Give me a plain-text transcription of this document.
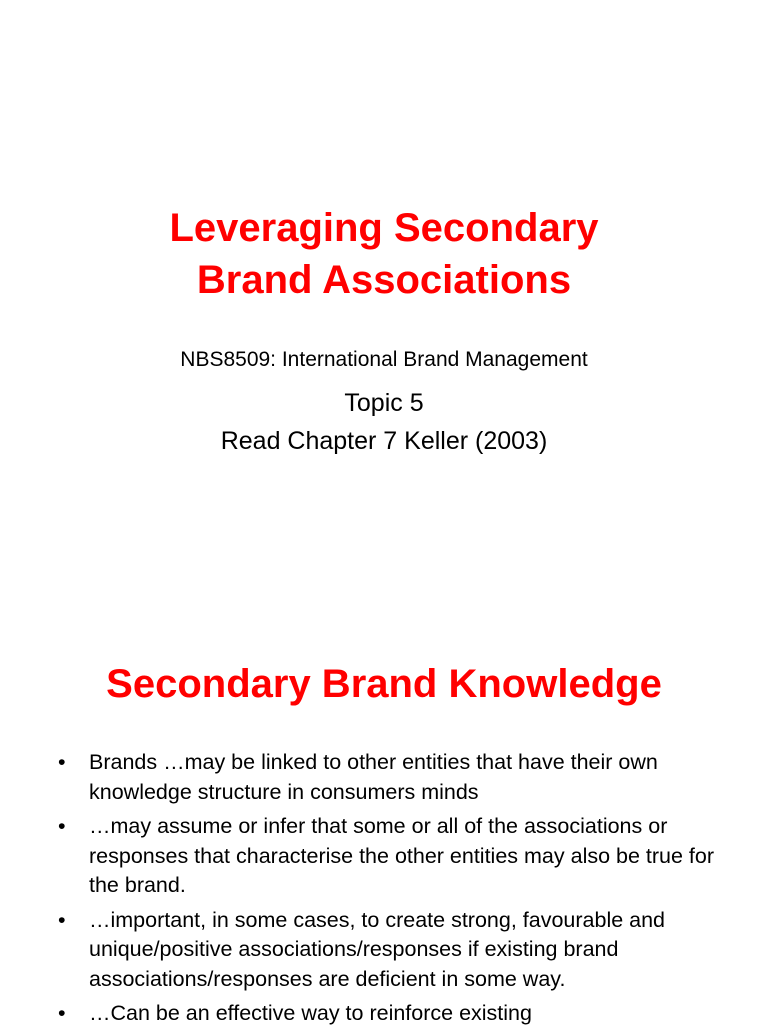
Leveraging Secondary
Brand Associations
NBS8509: International Brand Management
Topic 5
Read Chapter 7 Keller (2003)
Secondary Brand Knowledge
• Brands …may be linked to other entities that have their own knowledge structure in consumers minds
• …may assume or infer that some or all of the associations or responses that characterise the other entities may also be true for the brand.
• …important, in some cases, to create strong, favourable and unique/positive associations/responses if existing brand associations/responses are deficient in some way.
• …Can be an effective way to reinforce existing
